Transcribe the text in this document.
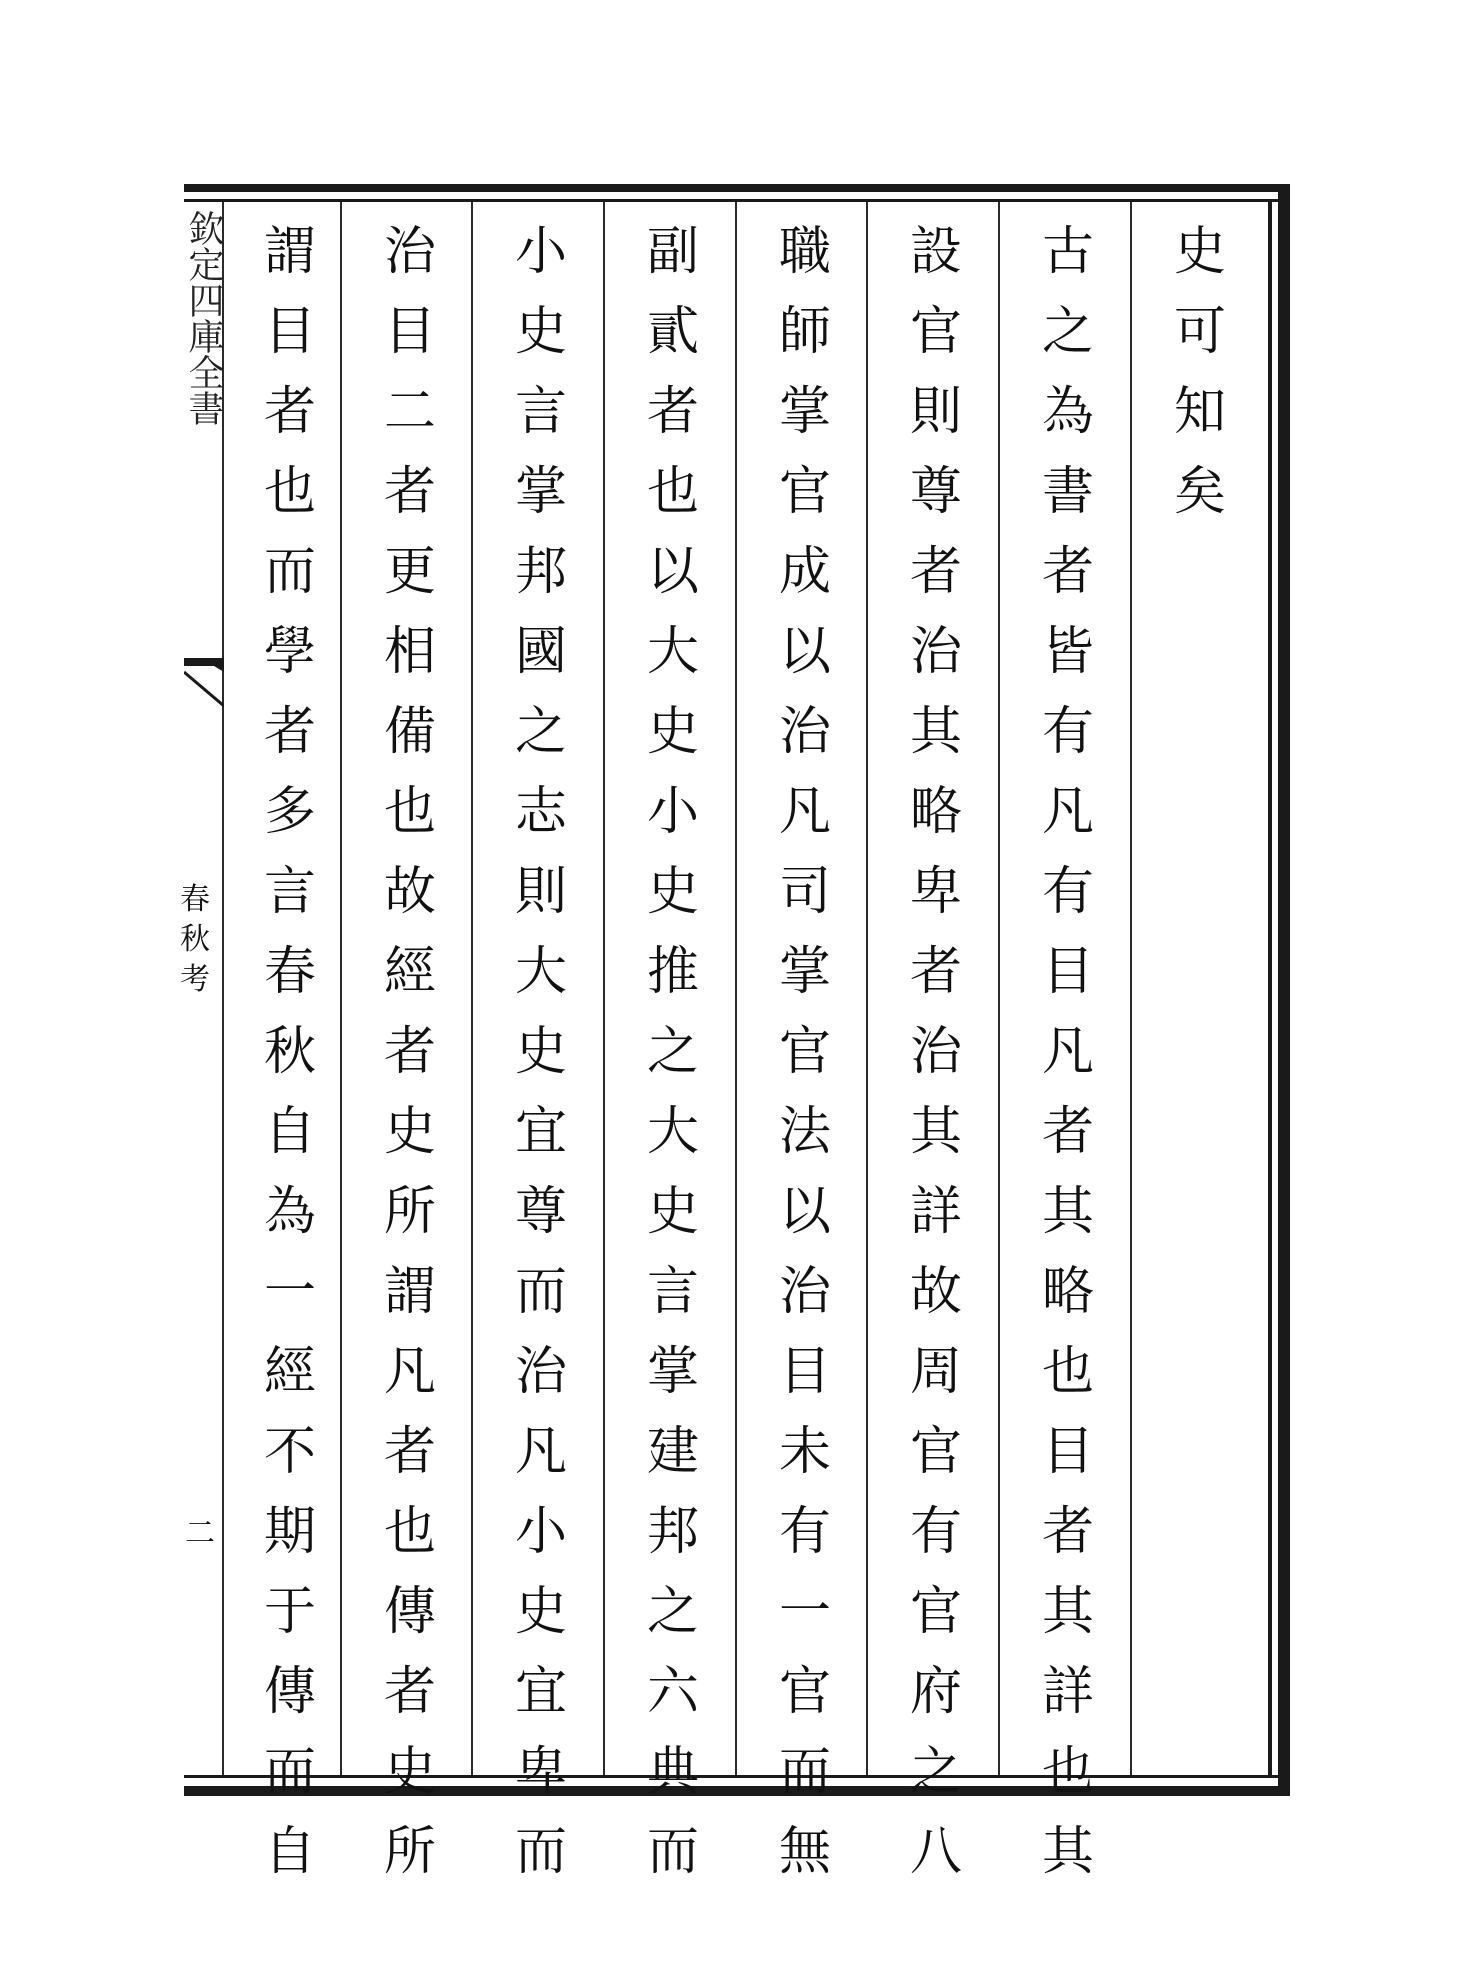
史
可
知
矣
古
之
為
書
者
皆
有
凡
有
目
凡
者
其
略
也
目
者
其
詳
也
其
設
官
則
尊
者
治
其
略
卑
者
治
其
詳
故
周
官
有
官
府
之
八
職
師
掌
官
成
以
治
凡
司
掌
官
法
以
治
目
未
有
一
官
而
無
副
貳
者
也
以
大
史
小
史
推
之
大
史
言
掌
建
邦
之
六
典
而
小
史
言
掌
邦
國
之
志
則
大
史
宜
尊
而
治
凡
小
史
宜
卑
而
治
目
二
者
更
相
備
也
故
經
者
史
所
謂
凡
者
也
傳
者
史
所
謂
目
者
也
而
學
者
多
言
春
秋
自
為
一
經
不
期
于
傳
而
自
欽定四庫全書
春
秋
考
二
